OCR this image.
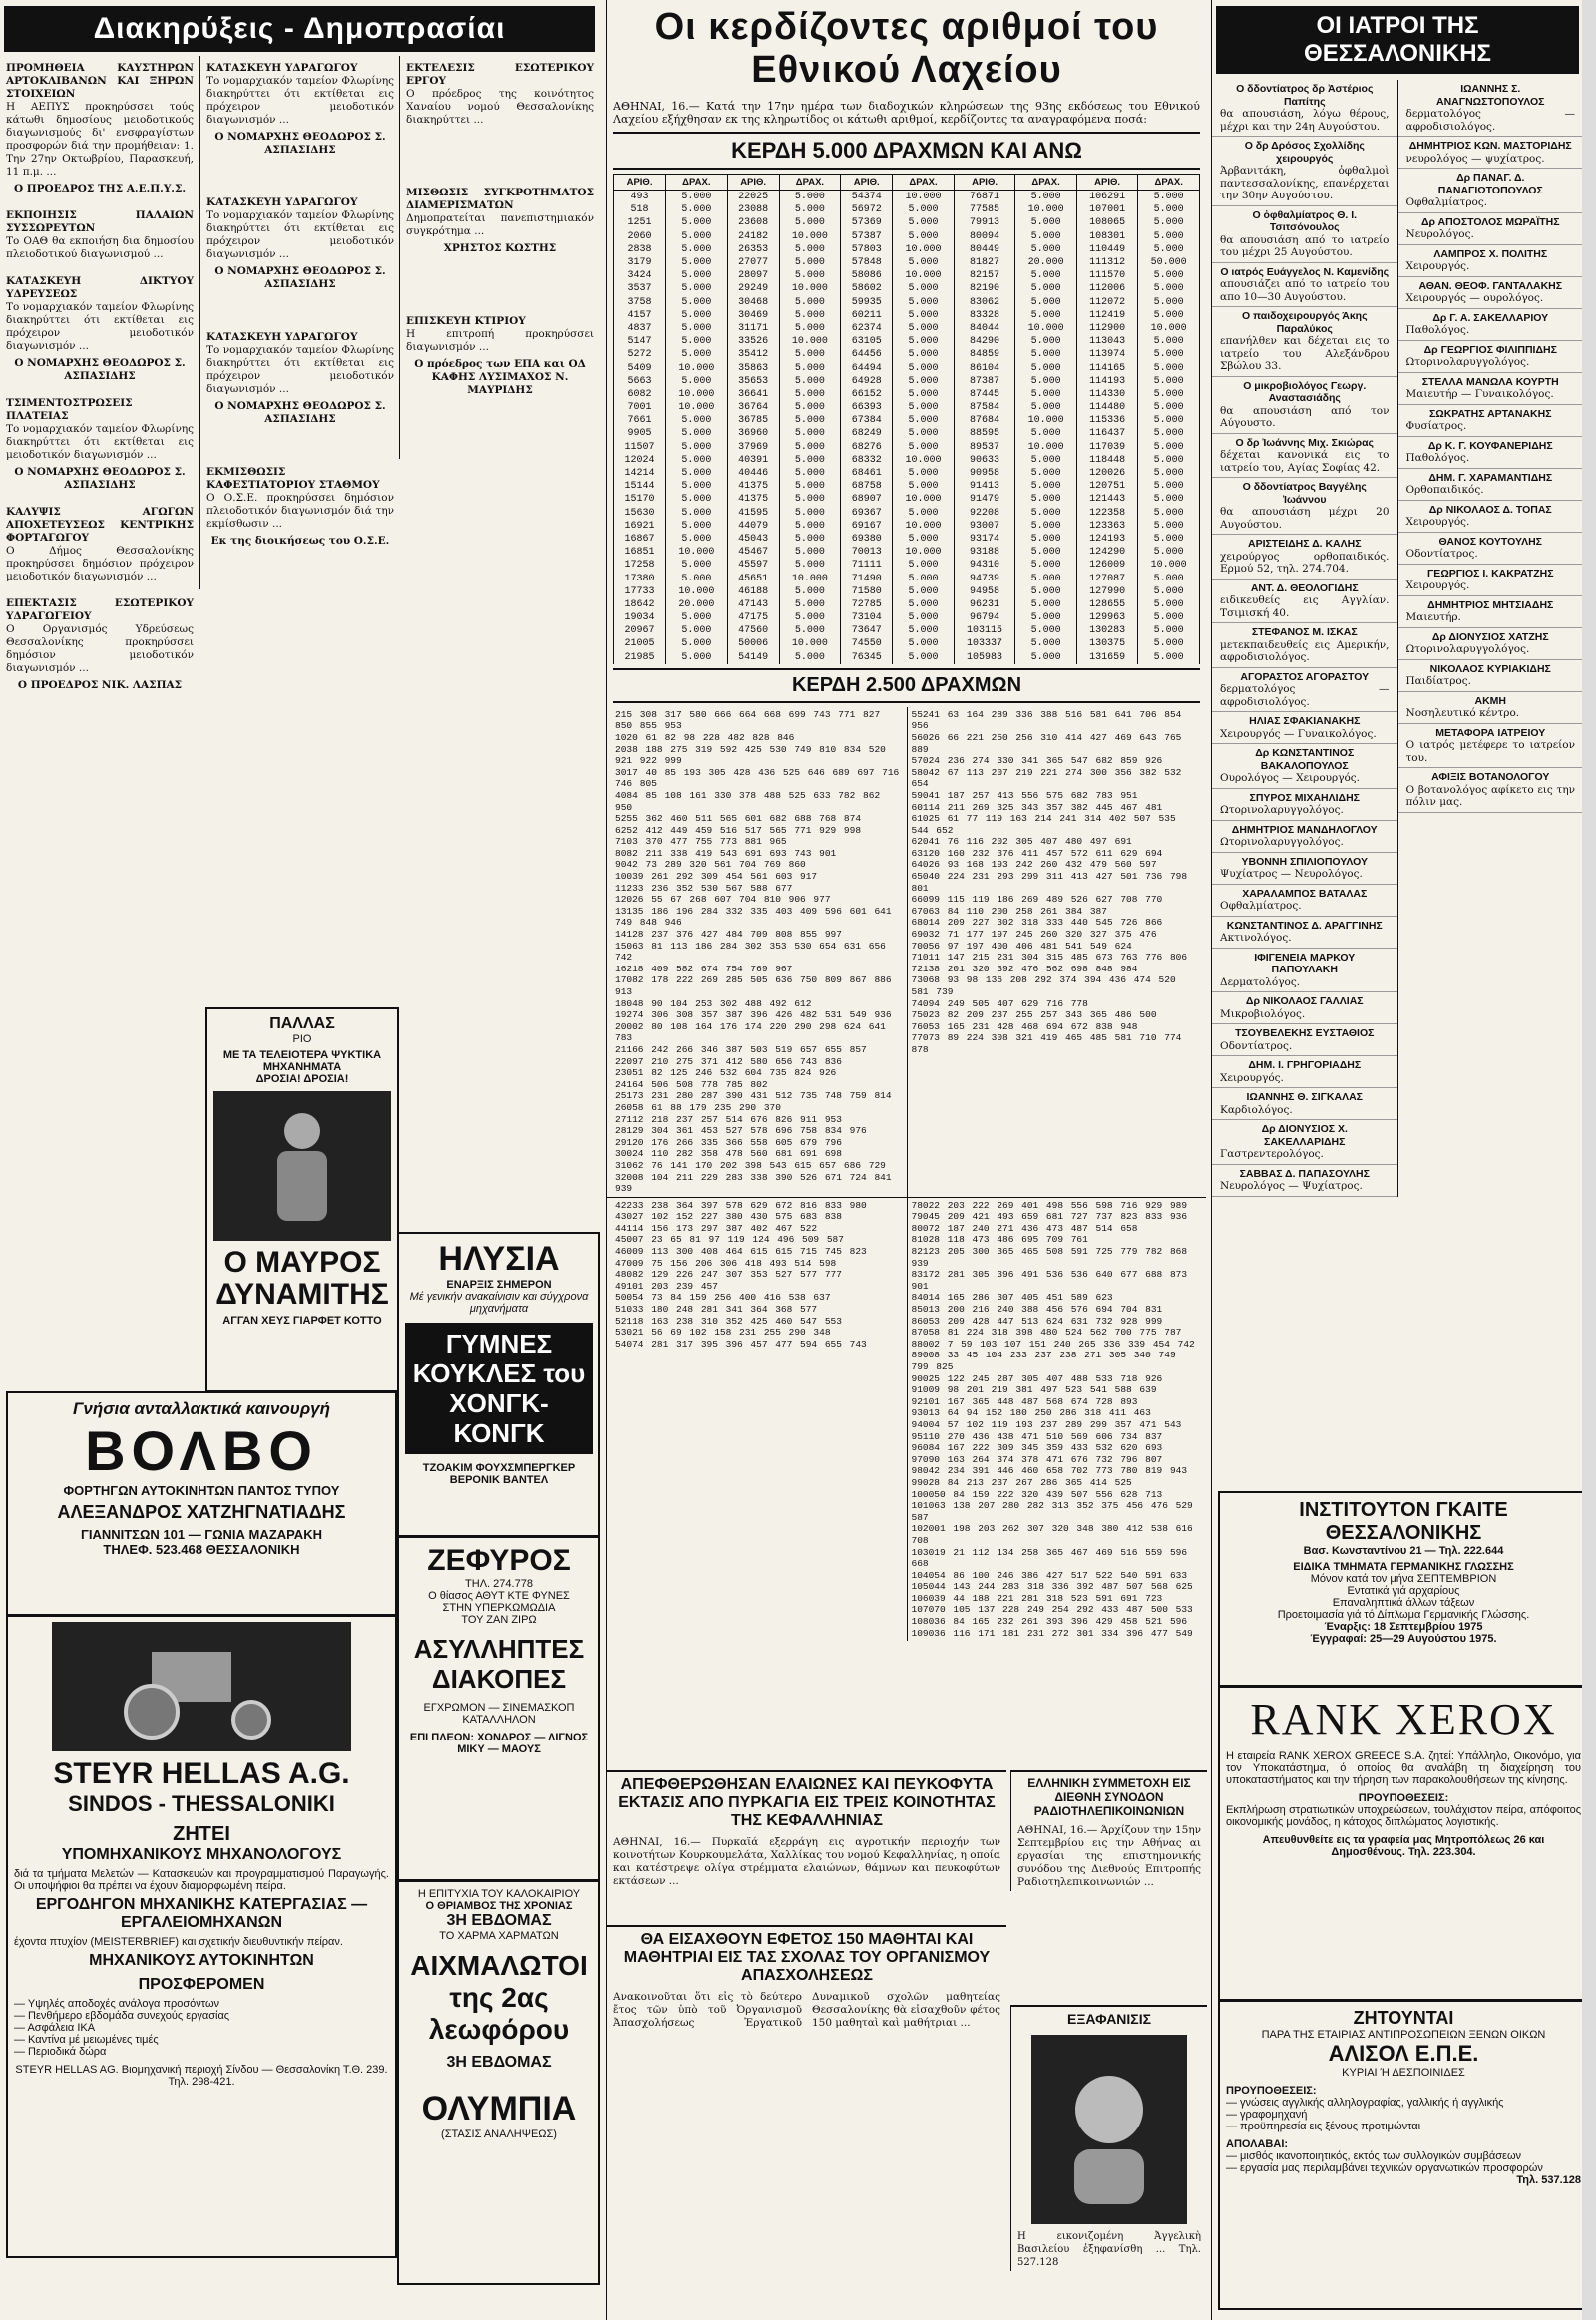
Διακηρύξεις - Δημοπρασίαι
ΠΡΟΜΗΘΕΙΑ ΚΑΥΣΤΗΡΩΝ ΑΡΤΟΚΛΙΒΑΝΩΝ ΚΑΙ ΞΗΡΩΝ ΣΤΟΙΧΕΙΩΝ

Η ΑΕΠΥΣ προκηρύσσει τούς κάτωθι δημοσίους μειοδοτικούς διαγωνισμούς δι' ενσφραγίστων προσφορών διά την προμήθειαν: 1. Την 27ην Οκτωβρίου, Παρασκευή, 11 π.μ. ...

Ο ΠΡΟΕΔΡΟΣ ΤΗΣ Α.Ε.Π.Υ.Σ.

ΕΚΠΟΙΗΣΙΣ ΠΑΛΑΙΩΝ ΣΥΣΣΩΡΕΥΤΩΝ

Το ΟΑΘ θα εκποιήση δια δημοσίου πλειοδοτικού διαγωνισμού ...

ΚΑΤΑΣΚΕΥΗ ΔΙΚΤΥΟΥ ΥΔΡΕΥΣΕΩΣ

Το νομαρχιακόν ταμείον Φλωρίνης διακηρύττει ότι εκτίθεται εις πρόχειρον μειοδοτικόν διαγωνισμόν ...

Ο ΝΟΜΑΡΧΗΣ ΘΕΟΔΩΡΟΣ Σ. ΑΣΠΑΣΙΔΗΣ

ΤΣΙΜΕΝΤΟΣΤΡΩΣΕΙΣ ΠΛΑΤΕΙΑΣ

Το νομαρχιακόν ταμείον Φλωρίνης διακηρύττει ότι εκτίθεται εις μειοδοτικόν διαγωνισμόν ...

Ο ΝΟΜΑΡΧΗΣ ΘΕΟΔΩΡΟΣ Σ. ΑΣΠΑΣΙΔΗΣ

ΚΑΛΥΨΙΣ ΑΓΩΓΩΝ ΑΠΟΧΕΤΕΥΣΕΩΣ ΚΕΝΤΡΙΚΗΣ ΦΟΡΤΑΓΩΓΟΥ

Ο Δήμος Θεσσαλονίκης προκηρύσσει δημόσιον πρόχειρον μειοδοτικόν διαγωνισμόν ...

ΕΠΕΚΤΑΣΙΣ ΕΣΩΤΕΡΙΚΟΥ ΥΔΡΑΓΩΓΕΙΟΥ

Ο Οργανισμός Υδρεύσεως Θεσσαλονίκης προκηρύσσει δημόσιον μειοδοτικόν διαγωνισμόν ...

Ο ΠΡΟΕΔΡΟΣ ΝΙΚ. ΛΑΣΠΑΣ

ΚΑΤΑΣΚΕΥΗ ΥΔΡΑΓΩΓΟΥ

Το νομαρχιακόν ταμείον Φλωρίνης διακηρύττει ότι εκτίθεται εις πρόχειρον μειοδοτικόν διαγωνισμόν ...

Ο ΝΟΜΑΡΧΗΣ ΘΕΟΔΩΡΟΣ Σ. ΑΣΠΑΣΙΔΗΣ

ΚΑΤΑΣΚΕΥΗ ΥΔΡΑΓΩΓΟΥ

Το νομαρχιακόν ταμείον Φλωρίνης διακηρύττει ότι εκτίθεται εις πρόχειρον μειοδοτικόν διαγωνισμόν ...

Ο ΝΟΜΑΡΧΗΣ ΘΕΟΔΩΡΟΣ Σ. ΑΣΠΑΣΙΔΗΣ

ΚΑΤΑΣΚΕΥΗ ΥΔΡΑΓΩΓΟΥ

Το νομαρχιακόν ταμείον Φλωρίνης διακηρύττει ότι εκτίθεται εις πρόχειρον μειοδοτικόν διαγωνισμόν ...

Ο ΝΟΜΑΡΧΗΣ ΘΕΟΔΩΡΟΣ Σ. ΑΣΠΑΣΙΔΗΣ

ΕΚΜΙΣΘΩΣΙΣ ΚΑΦΕΣΤΙΑΤΟΡΙΟΥ ΣΤΑΘΜΟΥ

Ο Ο.Σ.Ε. προκηρύσσει δημόσιον πλειοδοτικόν διαγωνισμόν διά την εκμίσθωσιν ...

Εκ της διοικήσεως του Ο.Σ.Ε.

ΕΚΤΕΛΕΣΙΣ ΕΣΩΤΕΡΙΚΟΥ ΕΡΓΟΥ

Ο πρόεδρος της κοινότητος Χαναίου νομού Θεσσαλονίκης διακηρύττει ...

ΜΙΣΘΩΣΙΣ ΣΥΓΚΡΟΤΗΜΑΤΟΣ ΔΙΑΜΕΡΙΣΜΑΤΩΝ

Δημοπρατείται πανεπιστημιακόν συγκρότημα ...

ΧΡΗΣΤΟΣ ΚΩΣΤΗΣ

ΕΠΙΣΚΕΥΗ ΚΤΙΡΙΟΥ

Η επιτροπή προκηρύσσει διαγωνισμόν ...

Ο πρόεδρος των ΕΠΑ και ΟΔ ΚΑΦΗΣ ΛΥΣΙΜΑΧΟΣ Ν. ΜΑΥΡΙΔΗΣ

ΠΑΛΛΑΣ
ΡΙΟ
ΜΕ ΤΑ ΤΕΛΕΙΟΤΕΡΑ ΨΥΚΤΙΚΑ ΜΗΧΑΝΗΜΑΤΑ
ΔΡΟΣΙΑ! ΔΡΟΣΙΑ!
Ο ΜΑΥΡΟΣ ΔΥΝΑΜΙΤΗΣ
ΑΓΓΑΝ ΧΕΥΣ ΓΙΑΡΦΕΤ ΚΟΤΤΟ
Γνήσια ανταλλακτικά καινουργή
ΒΟΛΒΟ
ΦΟΡΤΗΓΩΝ ΑΥΤΟΚΙΝΗΤΩΝ ΠΑΝΤΟΣ ΤΥΠΟΥ
ΑΛΕΞΑΝΔΡΟΣ ΧΑΤΖΗΓΝΑΤΙΑΔΗΣ
ΓΙΑΝΝΙΤΣΩΝ 101 — ΓΩΝΙΑ ΜΑΖΑΡΑΚΗ
ΤΗΛΕΦ. 523.468 ΘΕΣΣΑΛΟΝΙΚΗ
STEYR HELLAS A.G.
SINDOS - THESSALONIKI
ΖΗΤΕΙ
ΥΠΟΜΗΧΑΝΙΚΟΥΣ ΜΗΧΑΝΟΛΟΓΟΥΣ
διά τα τμήματα Μελετών — Κατασκευών και προγραμματισμού Παραγωγής. Οι υποψήφιοι θα πρέπει να έχουν διαμορφωμένη πείρα.
ΕΡΓΟΔΗΓΟΝ ΜΗΧΑΝΙΚΗΣ ΚΑΤΕΡΓΑΣΙΑΣ — ΕΡΓΑΛΕΙΟΜΗΧΑΝΩΝ
έχοντα πτυχίον (MEISTERBRIEF) και σχετικήν διευθυντικήν πείραν.
ΜΗΧΑΝΙΚΟΥΣ ΑΥΤΟΚΙΝΗΤΩΝ
ΠΡΟΣΦΕΡΟΜΕΝ
— Υψηλές αποδοχές ανάλογα προσόντων
— Πενθήμερο εβδομάδα συνεχούς εργασίας
— Ασφάλεια ΙΚΑ
— Καντίνα μέ μειωμένες τιμές
— Περιοδικά δώρα
STEYR HELLAS AG. Βιομηχανική περιοχή Σίνδου — Θεσσαλονίκη Τ.Θ. 239. Τηλ. 298-421.
ΗΛΥΣΙΑ
ΕΝΑΡΞΙΣ ΣΗΜΕΡΟΝ
Μέ γενικήν ανακαίνισιν και σύγχρονα μηχανήματα
ΓΥΜΝΕΣ ΚΟΥΚΛΕΣ του ΧΟΝΓΚ-ΚΟΝΓΚ
ΤΖΟΑΚΙΜ ΦΟΥΧΣΜΠΕΡΓΚΕΡ ΒΕΡΟΝΙΚ ΒΑΝΤΕΛ
ΖΕΦΥΡΟΣ
ΤΗΛ. 274.778
Ο θίασος ΑΘΥΤ ΚΤΕ ΦΥΝΕΣ
ΣΤΗΝ ΥΠΕΡΚΩΜΩΔΙΑ
ΤΟΥ ΖΑΝ ΖΙΡΩ
ΑΣΥΛΛΗΠΤΕΣ ΔΙΑΚΟΠΕΣ
ΕΓΧΡΩΜΟΝ — ΣΙΝΕΜΑΣΚΟΠ ΚΑΤΑΛΛΗΛΟΝ
ΕΠΙ ΠΛΕΟΝ: ΧΟΝΔΡΟΣ — ΛΙΓΝΟΣ ΜΙΚΥ — ΜΑΟΥΣ
Η ΕΠΙΤΥΧΙΑ ΤΟΥ ΚΑΛΟΚΑΙΡΙΟΥ
Ο ΘΡΙΑΜΒΟΣ ΤΗΣ ΧΡΟΝΙΑΣ
3Η ΕΒΔΟΜΑΣ
ΤΟ ΧΑΡΜΑ ΧΑΡΜΑΤΩΝ
ΑΙΧΜΑΛΩΤΟΙ της 2ας λεωφόρου
3Η ΕΒΔΟΜΑΣ
ΟΛΥΜΠΙΑ
(ΣΤΑΣΙΣ ΑΝΑΛΗΨΕΩΣ)
Οι κερδίζοντες αριθμοί του Εθνικού Λαχείου
ΑΘΗΝΑΙ, 16.— Κατά την 17ην ημέρα των διαδοχικών κληρώσεων της 93ης εκδόσεως του Εθνικού Λαχείου εξήχθησαν εκ της κληρωτίδος οι κάτωθι αριθμοί, κερδίζοντες τα αναγραφόμενα ποσά:
ΚΕΡΔΗ 5.000 ΔΡΑΧΜΩΝ ΚΑΙ ΑΝΩ
ΑΡΙΘ.	ΔΡΑΧ.	ΑΡΙΘ.	ΔΡΑΧ.	ΑΡΙΘ.	ΔΡΑΧ.	ΑΡΙΘ.	ΔΡΑΧ.	ΑΡΙΘ.	ΔΡΑΧ.
493	5.000	22025	5.000	54374	10.000	76871	5.000	106291	5.000
518	5.000	23088	5.000	56972	5.000	77585	10.000	107001	5.000
1251	5.000	23608	5.000	57369	5.000	79913	5.000	108065	5.000
2060	5.000	24182	10.000	57387	5.000	80094	5.000	108301	5.000
2838	5.000	26353	5.000	57803	10.000	80449	5.000	110449	5.000
3179	5.000	27077	5.000	57848	5.000	81827	20.000	111312	50.000
3424	5.000	28097	5.000	58086	10.000	82157	5.000	111570	5.000
3537	5.000	29249	10.000	58602	5.000	82190	5.000	112006	5.000
3758	5.000	30468	5.000	59935	5.000	83062	5.000	112072	5.000
4157	5.000	30469	5.000	60211	5.000	83328	5.000	112419	5.000
4837	5.000	31171	5.000	62374	5.000	84044	10.000	112900	10.000
5147	5.000	33526	10.000	63105	5.000	84290	5.000	113043	5.000
5272	5.000	35412	5.000	64456	5.000	84859	5.000	113974	5.000
5409	10.000	35863	5.000	64494	5.000	86104	5.000	114165	5.000
5663	5.000	35653	5.000	64928	5.000	87387	5.000	114193	5.000
6082	10.000	36641	5.000	66152	5.000	87445	5.000	114330	5.000
7001	10.000	36764	5.000	66393	5.000	87584	5.000	114480	5.000
7661	5.000	36785	5.000	67384	5.000	87684	10.000	115336	5.000
9905	5.000	36960	5.000	68249	5.000	88595	5.000	116437	5.000
11507	5.000	37969	5.000	68276	5.000	89537	10.000	117039	5.000
12024	5.000	40391	5.000	68332	10.000	90633	5.000	118448	5.000
14214	5.000	40446	5.000	68461	5.000	90958	5.000	120026	5.000
15144	5.000	41375	5.000	68758	5.000	91413	5.000	120751	5.000
15170	5.000	41375	5.000	68907	10.000	91479	5.000	121443	5.000
15630	5.000	41595	5.000	69367	5.000	92208	5.000	122358	5.000
16921	5.000	44079	5.000	69167	10.000	93007	5.000	123363	5.000
16867	5.000	45043	5.000	69380	5.000	93174	5.000	124193	5.000
16851	10.000	45467	5.000	70013	10.000	93188	5.000	124290	5.000
17258	5.000	45597	5.000	71111	5.000	94310	5.000	126009	10.000
17380	5.000	45651	10.000	71490	5.000	94739	5.000	127087	5.000
17733	10.000	46188	5.000	71580	5.000	94958	5.000	127990	5.000
18642	20.000	47143	5.000	72785	5.000	96231	5.000	128655	5.000
19034	5.000	47175	5.000	73104	5.000	96794	5.000	129963	5.000
20967	5.000	47560	5.000	73647	5.000	103115	5.000	130283	5.000
21005	5.000	50006	10.000	74550	5.000	103337	5.000	130375	5.000
21985	5.000	54149	5.000	76345	5.000	105983	5.000	131659	5.000
ΚΕΡΔΗ 2.500 ΔΡΑΧΜΩΝ
215 308 317 580 666 664 668 699 743 771 827 850 855 953
1020 61 82 98 228 482 828 846
2038 188 275 319 592 425 530 749 810 834 520 921 922 999
3017 40 85 193 305 428 436 525 646 689 697 716 746 805
4084 85 108 161 330 378 488 525 633 782 862 950
5255 362 460 511 565 601 682 688 768 874
6252 412 449 459 516 517 565 771 929 998
7103 370 477 755 773 881 965
8082 211 338 419 543 691 693 743 901
9042 73 289 320 561 704 769 860
10039 261 292 309 454 561 603 917
11233 236 352 530 567 588 677
12026 55 67 268 607 704 810 906 977
13135 186 196 284 332 335 403 409 596 601 641 749 848 946
14128 237 376 427 484 709 808 855 997
15063 81 113 186 284 302 353 530 654 631 656 742
16218 409 582 674 754 769 967
17082 178 222 269 285 505 636 750 809 867 886 913
18048 90 104 253 302 488 492 612
19274 306 308 357 387 396 426 482 531 549 936
20002 80 108 164 176 174 220 290 298 624 641 783
21166 242 266 346 387 503 519 657 655 857
22097 210 275 371 412 580 656 743 836
23051 82 125 246 532 604 735 824 926
24164 506 508 778 785 802
25173 231 280 287 390 431 512 735 748 759 814
26058 61 88 179 235 290 370
27112 218 237 257 514 676 826 911 953
28129 304 361 453 527 578 696 758 834 976
29120 176 266 335 366 558 605 679 796
30024 110 282 358 478 560 681 691 698
31062 76 141 170 202 398 543 615 657 686 729
32008 104 211 229 283 338 390 526 671 724 841 939
55241 63 164 289 336 388 516 581 641 706 854 956
56026 66 221 250 256 310 414 427 469 643 765 889
57024 236 274 330 341 365 547 682 859 926
58042 67 113 207 219 221 274 300 356 382 532 654
59041 187 257 413 556 575 682 783 951
60114 211 269 325 343 357 382 445 467 481
61025 61 77 119 163 214 241 314 402 507 535 544 652
62041 76 116 202 305 407 480 497 691
63120 160 232 376 411 457 572 611 629 694
64026 93 168 193 242 260 432 479 560 597
65040 224 231 293 299 311 413 427 501 736 798 801
66099 115 119 186 269 489 526 627 708 770
67063 84 110 200 258 261 384 387
68014 209 227 302 318 333 440 545 726 866
69032 71 177 197 245 260 320 327 375 476
70056 97 197 400 406 481 541 549 624
71011 147 215 231 304 315 485 673 763 776 806
72138 201 320 392 476 562 698 848 984
73068 93 98 136 208 292 374 394 436 474 520 581 739
74094 249 505 407 629 716 778
75023 82 209 237 255 257 343 365 486 500
76053 165 231 428 468 694 672 838 948
77073 89 224 308 321 419 465 485 581 710 774 878
42233 238 364 397 578 629 672 816 833 980
43027 102 152 227 380 430 575 683 838
44114 156 173 297 387 402 467 522
45007 23 65 81 97 119 124 496 509 587
46009 113 300 408 464 615 615 715 745 823
47009 75 156 206 306 418 493 514 598
48082 129 226 247 307 353 527 577 777
49101 203 239 457
50054 73 84 159 256 400 416 538 637
51033 180 248 281 341 364 368 577
52118 163 238 310 352 425 460 547 553
53021 56 69 102 158 231 255 290 348
54074 281 317 395 396 457 477 594 655 743
78022 203 222 269 401 498 556 598 716 929 989
79045 209 421 493 659 681 727 737 823 833 936
80072 187 240 271 436 473 487 514 658
81028 118 473 486 695 709 761
82123 205 300 365 465 508 591 725 779 782 868 939
83172 281 305 396 491 536 536 640 677 688 873 901
84014 165 286 307 405 451 589 623
85013 200 216 240 388 456 576 694 704 831
86053 209 428 447 513 624 631 732 928 999
87058 81 224 318 398 480 524 562 700 775 787
88002 7 59 103 107 151 240 265 336 339 454 742
89008 33 45 104 233 237 238 271 305 340 749 799 825
90025 122 245 287 305 407 488 533 718 926
91009 98 201 219 381 497 523 541 588 639
92101 167 365 448 487 568 674 728 893
93013 64 94 152 180 250 286 318 411 463
94004 57 102 119 193 237 289 299 357 471 543
95110 270 436 438 471 510 569 606 734 837
96084 167 222 309 345 359 433 532 620 693
97090 163 264 374 378 471 676 732 796 807
98042 234 391 446 460 658 702 773 780 819 943
99028 84 213 237 267 286 365 414 525
100050 84 159 222 320 439 507 556 628 713
101063 138 207 280 282 313 352 375 456 476 529 587
102001 198 203 262 307 320 348 380 412 538 616 708
103019 21 112 134 258 365 467 469 516 559 596 668
104054 86 100 246 386 427 517 522 540 591 633
105044 143 244 283 318 336 392 487 507 568 625
106039 44 188 221 281 318 523 591 691 723
107070 105 137 228 249 254 292 433 487 500 533
108036 84 165 232 261 393 396 429 458 521 596
109036 116 171 181 231 272 301 334 396 477 549
ΑΠΕΦΘΕΡΩΘΗΣΑΝ ΕΛΑΙΩΝΕΣ ΚΑΙ ΠΕΥΚΟΦΥΤΑ ΕΚΤΑΣΙΣ ΑΠΟ ΠΥΡΚΑΓΙΑ ΕΙΣ ΤΡΕΙΣ ΚΟΙΝΟΤΗΤΑΣ ΤΗΣ ΚΕΦΑΛΛΗΝΙΑΣ
ΑΘΗΝΑΙ, 16.— Πυρκαϊά εξερράγη εις αγροτικήν περιοχήν των κοινοτήτων Κουρκουμελάτα, Χαλλίκας του νομού Κεφαλληνίας, η οποία και κατέστρεψε ολίγα στρέμματα ελαιώνων, θάμνων και πευκοφύτων εκτάσεων ...
ΘΑ ΕΙΣΑΧΘΟΥΝ ΕΦΕΤΟΣ 150 ΜΑΘΗΤΑΙ ΚΑΙ ΜΑΘΗΤΡΙΑΙ ΕΙΣ ΤΑΣ ΣΧΟΛΑΣ ΤΟΥ ΟΡΓΑΝΙΣΜΟΥ ΑΠΑΣΧΟΛΗΣΕΩΣ
Ανακοινοῦται ὅτι εἰς τὸ δεύτερο ἔτος τῶν ὑπὸ τοῦ Ὀργανισμοῦ Ἀπασχολήσεως Ἐργατικοῦ Δυναμικοῦ σχολῶν μαθητείας Θεσσαλονίκης θὰ εἰσαχθοῦν φέτος 150 μαθηταὶ καὶ μαθήτριαι ...
ΕΛΛΗΝΙΚΗ ΣΥΜΜΕΤΟΧΗ ΕΙΣ ΔΙΕΘΝΗ ΣΥΝΟΔΟΝ ΡΑΔΙΟΤΗΛΕΠΙΚΟΙΝΩΝΙΩΝ
ΑΘΗΝΑΙ, 16.— Άρχίζουν την 15ην Σεπτεμβρίου εις την Αθήνας αι εργασίαι της επιστημονικής συνόδου της Διεθνούς Επιτροπής Ραδιοτηλεπικοινωνιών ...
ΕΞΑΦΑΝΙΣΙΣ
Η εικονιζομένη Ἀγγελικὴ Βασιλείου ἐξηφανίσθη ... Τηλ. 527.128
ΟΙ ΙΑΤΡΟΙ ΤΗΣ ΘΕΣΣΑΛΟΝΙΚΗΣ
Ο δδοντίατρος δρ Ἀστέριος Παπίτης
θα απουσιάση, λόγω θέρους, μέχρι και την 24η Αυγούστου.
Ο δρ Δρόσος Σχολλίδης χειρουργός
Ἀρβανιτάκη, ὀφθαλμοὶ παντεσσαλονίκης, επανέρχεται την 30ην Αυγούστου.
Ο ὀφθαλμίατρος Θ. Ι. Τσιτσόνουλος
θα απουσιάση από το ιατρείο του μέχρι 25 Αυγούστου.
Ο ιατρός Ευάγγελος Ν. Καμενίδης
απουσιάζει από το ιατρείο του απο 10—30 Αυγούστου.
Ο παιδοχειρουργός Άκης Παραλύκος
επανήλθεν και δέχεται εις το ιατρείο του Αλεξάνδρου Σβώλου 33.
Ο μικροβιολόγος Γεωργ. Αναστασιάδης
θα απουσιάση από τον Αύγουστο.
Ο δρ Ἰωάννης Μιχ. Σκιώρας
δέχεται κανονικά εις το ιατρείο του, Αγίας Σοφίας 42.
Ο δδοντίατρος Βαγγέλης Ἰωάννου
θα απουσιάση μέχρι 20 Αυγούστου.
ΑΡΙΣΤΕΙΔΗΣ Δ. ΚΑΛΗΣ
χειρούργος ορθοπαιδικός. Ερμού 52, τηλ. 274.704.
ΑΝΤ. Δ. ΘΕΟΛΟΓΙΔΗΣ
ειδικευθείς εις Αγγλίαν. Τσιμισκή 40.
ΣΤΕΦΑΝΟΣ Μ. ΙΣΚΑΣ
μετεκπαιδευθείς εις Αμερικήν, αφροδισιολόγος.
ΑΓΟΡΑΣΤΟΣ ΑΓΟΡΑΣΤΟΥ
δερματολόγος — αφροδισιολόγος.
ΗΛΙΑΣ ΣΦΑΚΙΑΝΑΚΗΣ
Χειρουργός — Γυναικολόγος.
Δρ ΚΩΝΣΤΑΝΤΙΝΟΣ ΒΑΚΑΛΟΠΟΥΛΟΣ
Ουρολόγος — Χειρουργός.
ΣΠΥΡΟΣ ΜΙΧΑΗΛΙΔΗΣ
Ωτορινολαρυγγολόγος.
ΔΗΜΗΤΡΙΟΣ ΜΑΝΔΗΛΟΓΛΟΥ
Ωτορινολαρυγγολόγος.
ΥΒΟΝΝΗ ΣΠΙΛΙΟΠΟΥΛΟΥ
Ψυχίατρος — Νευρολόγος.
ΧΑΡΑΛΑΜΠΟΣ ΒΑΤΑΛΑΣ
Οφθαλμίατρος.
ΚΩΝΣΤΑΝΤΙΝΟΣ Δ. ΑΡΑΓΓΙΝΗΣ
Ακτινολόγος.
ΙΦΙΓΕΝΕΙΑ ΜΑΡΚΟΥ ΠΑΠΟΥΛΑΚΗ
Δερματολόγος.
Δρ ΝΙΚΟΛΑΟΣ ΓΑΛΛΙΑΣ
Μικροβιολόγος.
ΤΣΟΥΒΕΛΕΚΗΣ ΕΥΣΤΑΘΙΟΣ
Οδοντίατρος.
ΔΗΜ. Ι. ΓΡΗΓΟΡΙΑΔΗΣ
Χειρουργός.
ΙΩΑΝΝΗΣ Θ. ΣΙΓΚΑΛΑΣ
Καρδιολόγος.
Δρ ΔΙΟΝΥΣΙΟΣ Χ. ΣΑΚΕΛΛΑΡΙΔΗΣ
Γαστρεντερολόγος.
ΣΑΒΒΑΣ Δ. ΠΑΠΑΣΟΥΛΗΣ
Νευρολόγος — Ψυχίατρος.
ΙΩΑΝΝΗΣ Σ. ΑΝΑΓΝΩΣΤΟΠΟΥΛΟΣ
δερματολόγος — αφροδισιολόγος.
ΔΗΜΗΤΡΙΟΣ ΚΩΝ. ΜΑΣΤΟΡΙΔΗΣ
νευρολόγος — ψυχίατρος.
Δρ ΠΑΝΑΓ. Δ. ΠΑΝΑΓΙΩΤΟΠΟΥΛΟΣ
Οφθαλμίατρος.
Δρ ΑΠΟΣΤΟΛΟΣ ΜΩΡΑΪΤΗΣ
Νευρολόγος.
ΛΑΜΠΡΟΣ Χ. ΠΟΛΙΤΗΣ
Χειρουργός.
ΑΘΑΝ. ΘΕΟΦ. ΓΑΝΤΑΛΑΚΗΣ
Χειρουργός — ουρολόγος.
Δρ Γ. Α. ΣΑΚΕΛΛΑΡΙΟΥ
Παθολόγος.
Δρ ΓΕΩΡΓΙΟΣ ΦΙΛΙΠΠΙΔΗΣ
Ωτορινολαρυγγολόγος.
ΣΤΕΛΛΑ ΜΑΝΩΛΑ ΚΟΥΡΤΗ
Μαιευτήρ — Γυναικολόγος.
ΣΩΚΡΑΤΗΣ ΑΡΤΑΝΑΚΗΣ
Φυσίατρος.
Δρ Κ. Γ. ΚΟΥΦΑΝΕΡΙΔΗΣ
Παθολόγος.
ΔΗΜ. Γ. ΧΑΡΑΜΑΝΤΙΔΗΣ
Ορθοπαιδικός.
Δρ ΝΙΚΟΛΑΟΣ Δ. ΤΟΠΑΣ
Χειρουργός.
ΘΑΝΟΣ ΚΟΥΤΟΥΛΗΣ
Οδοντίατρος.
ΓΕΩΡΓΙΟΣ Ι. ΚΑΚΡΑΤΖΗΣ
Χειρουργός.
ΔΗΜΗΤΡΙΟΣ ΜΗΤΣΙΑΔΗΣ
Μαιευτήρ.
Δρ ΔΙΟΝΥΣΙΟΣ ΧΑΤΖΗΣ
Ωτορινολαρυγγολόγος.
ΝΙΚΟΛΑΟΣ ΚΥΡΙΑΚΙΔΗΣ
Παιδίατρος.
ΑΚΜΗ
Νοσηλευτικό κέντρο.
ΜΕΤΑΦΟΡΑ ΙΑΤΡΕΙΟΥ
Ο ιατρός μετέφερε το ιατρείον του.
ΑΦΙΞΙΣ ΒΟΤΑΝΟΛΟΓΟΥ
Ο βοτανολόγος αφίκετο εις την πόλιν μας.
ΙΝΣΤΙΤΟΥΤΟΝ ΓΚΑΙΤΕ ΘΕΣΣΑΛΟΝΙΚΗΣ
Βασ. Κωνσταντίνου 21 — Τηλ. 222.644
ΕΙΔΙΚΑ ΤΜΗΜΑΤΑ ΓΕΡΜΑΝΙΚΗΣ ΓΛΩΣΣΗΣ
Μόνον κατά τον μήνα ΣΕΠΤΕΜΒΡΙΟΝ
Εντατικά γιά αρχαρίους
Επαναληπτικά άλλων τάξεων
Προετοιμασία γιά τό Δίπλωμα Γερμανικής Γλώσσης.
Έναρξις: 18 Σεπτεμβρίου 1975
Έγγραφαί: 25—29 Αυγούστου 1975.
RANK XEROX
Η εταιρεία RANK XEROX GREECE S.A. ζητεί: Υπάλληλο, Οικονόμο, για τον Υποκατάστημα, ό οποίος θα αναλάβη τη διαχείρηση του υποκαταστήματος και την τήρηση των παρακολουθήσεων της κίνησης.
ΠΡΟΥΠΟΘΕΣΕΙΣ:
Εκπλήρωση στρατιωτικών υποχρεώσεων, τουλάχιστον πείρα, απόφοιτος οικονομικής μονάδος, η κάτοχος διπλώματος λογιστικής.
Απευθυνθείτε εις τα γραφεία μας Μητροπόλεως 26 και Δημοσθένους. Τηλ. 223.304.
ΖΗΤΟΥΝΤΑΙ
ΠΑΡΑ ΤΗΣ ΕΤΑΙΡΙΑΣ ΑΝΤΙΠΡΟΣΩΠΕΙΩΝ ΞΕΝΩΝ ΟΙΚΩΝ
ΑΛΙΣΟΛ Ε.Π.Ε.
ΚΥΡΙΑΙ Ή ΔΕΣΠΟΙΝΙΔΕΣ
ΠΡΟΥΠΟΘΕΣΕΙΣ:
— γνώσεις αγγλικής αλληλογραφίας, γαλλικής ή αγγλικής
— γραφομηχανή
— προϋπηρεσία εις ξένους προτιμώνται
ΑΠΟΛΑΒΑΙ:
— μισθός ικανοποιητικός, εκτός των συλλογικών συμβάσεων
— εργασία μας περιλαμβάνει τεχνικών οργανωτικών προσφορών
Τηλ. 537.128
